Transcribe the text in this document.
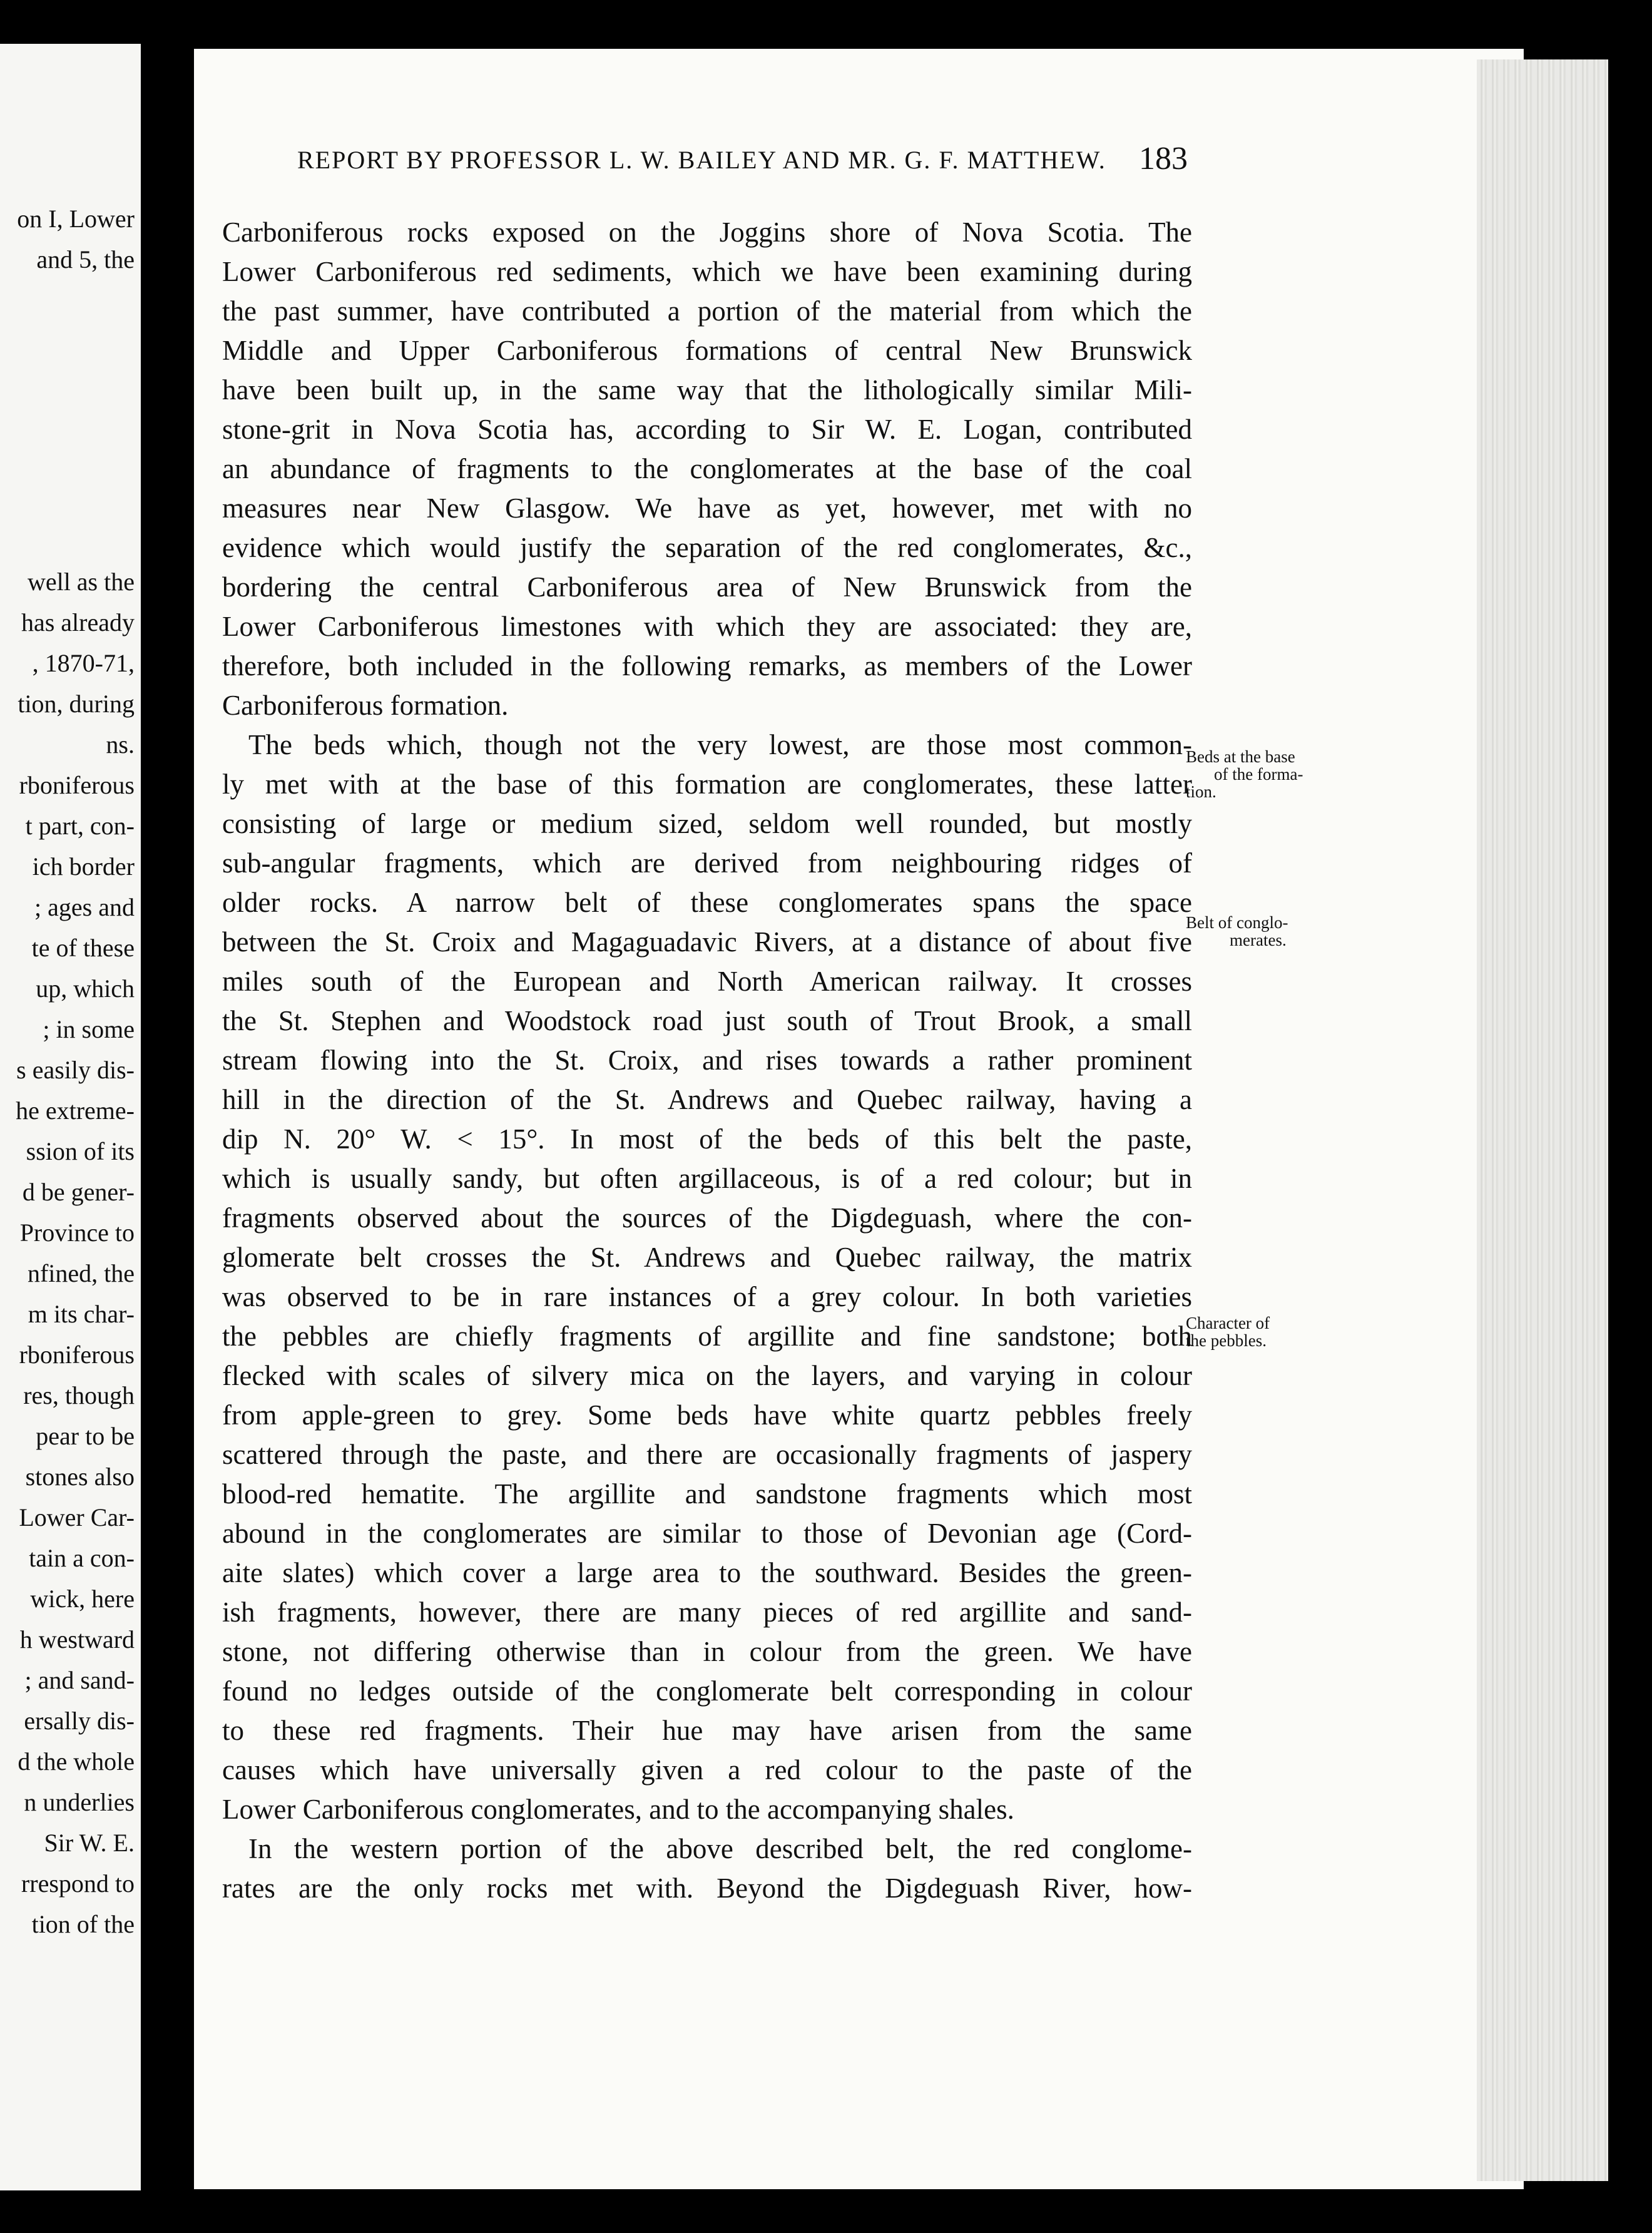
on I, Lower
and 5, the
well as the
has already
, 1870-71,
tion, during
ns.
rboniferous
t part, con-
ich border
; ages and
te of these
up, which
; in some
s easily dis-
he extreme-
ssion of its
d be gener-
Province to
nfined, the
m its char-
rboniferous
res, though
pear to be
stones also
Lower Car-
tain a con-
wick, here
h westward
; and sand-
ersally dis-
d the whole
n underlies
Sir W. E.
rrespond to
tion of the
REPORT BY PROFESSOR L. W. BAILEY AND MR. G. F. MATTHEW. 183
Carboniferous rocks exposed on the Joggins shore of Nova Scotia. The
Lower Carboniferous red sediments, which we have been examining during
the past summer, have contributed a portion of the material from which the
Middle and Upper Carboniferous formations of central New Brunswick
have been built up, in the same way that the lithologically similar Mili-
stone-grit in Nova Scotia has, according to Sir W. E. Logan, contributed
an abundance of fragments to the conglomerates at the base of the coal
measures near New Glasgow. We have as yet, however, met with no
evidence which would justify the separation of the red conglomerates, &c.,
bordering the central Carboniferous area of New Brunswick from the
Lower Carboniferous limestones with which they are associated: they are,
therefore, both included in the following remarks, as members of the Lower
Carboniferous formation.
The beds which, though not the very lowest, are those most common-
ly met with at the base of this formation are conglomerates, these latter
consisting of large or medium sized, seldom well rounded, but mostly
sub-angular fragments, which are derived from neighbouring ridges of
older rocks. A narrow belt of these conglomerates spans the space
between the St. Croix and Magaguadavic Rivers, at a distance of about five
miles south of the European and North American railway. It crosses
the St. Stephen and Woodstock road just south of Trout Brook, a small
stream flowing into the St. Croix, and rises towards a rather prominent
hill in the direction of the St. Andrews and Quebec railway, having a
dip N. 20° W. < 15°. In most of the beds of this belt the paste,
which is usually sandy, but often argillaceous, is of a red colour; but in
fragments observed about the sources of the Digdeguash, where the con-
glomerate belt crosses the St. Andrews and Quebec railway, the matrix
was observed to be in rare instances of a grey colour. In both varieties
the pebbles are chiefly fragments of argillite and fine sandstone; both
flecked with scales of silvery mica on the layers, and varying in colour
from apple-green to grey. Some beds have white quartz pebbles freely
scattered through the paste, and there are occasionally fragments of jaspery
blood-red hematite. The argillite and sandstone fragments which most
abound in the conglomerates are similar to those of Devonian age (Cord-
aite slates) which cover a large area to the southward. Besides the green-
ish fragments, however, there are many pieces of red argillite and sand-
stone, not differing otherwise than in colour from the green. We have
found no ledges outside of the conglomerate belt corresponding in colour
to these red fragments. Their hue may have arisen from the same
causes which have universally given a red colour to the paste of the
Lower Carboniferous conglomerates, and to the accompanying shales.
In the western portion of the above described belt, the red conglome-
rates are the only rocks met with. Beyond the Digdeguash River, how-
Beds at the base
of the forma-
tion.
Belt of conglo-
merates.
Character of
the pebbles.
